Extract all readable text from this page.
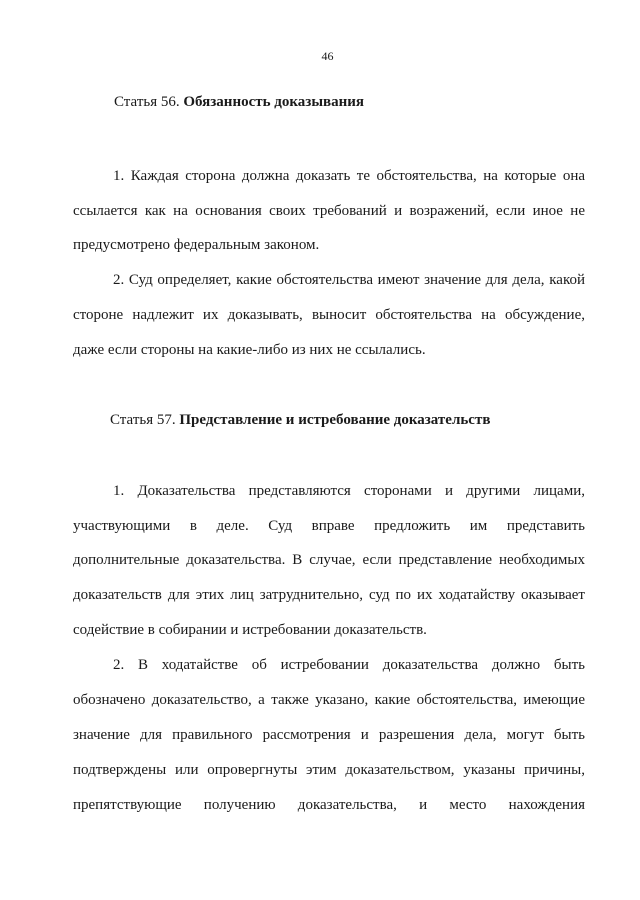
46
Статья 56. Обязанность доказывания
1. Каждая сторона должна доказать те обстоятельства, на которые она
ссылается как на основания своих требований и возражений, если иное не
предусмотрено федеральным законом.
2. Суд определяет, какие обстоятельства имеют значение для дела, какой
стороне надлежит их доказывать, выносит обстоятельства на обсуждение,
даже если стороны на какие-либо из них не ссылались.
Статья 57. Представление и истребование доказательств
1. Доказательства представляются сторонами и другими лицами,
участвующими в деле. Суд вправе предложить им представить
дополнительные доказательства. В случае, если представление необходимых
доказательств для этих лиц затруднительно, суд по их ходатайству оказывает
содействие в собирании и истребовании доказательств.
2. В ходатайстве об истребовании доказательства должно быть
обозначено доказательство, а также указано, какие обстоятельства, имеющие
значение для правильного рассмотрения и разрешения дела, могут быть
подтверждены или опровергнуты этим доказательством, указаны причины,
препятствующие получению доказательства, и место нахождения
